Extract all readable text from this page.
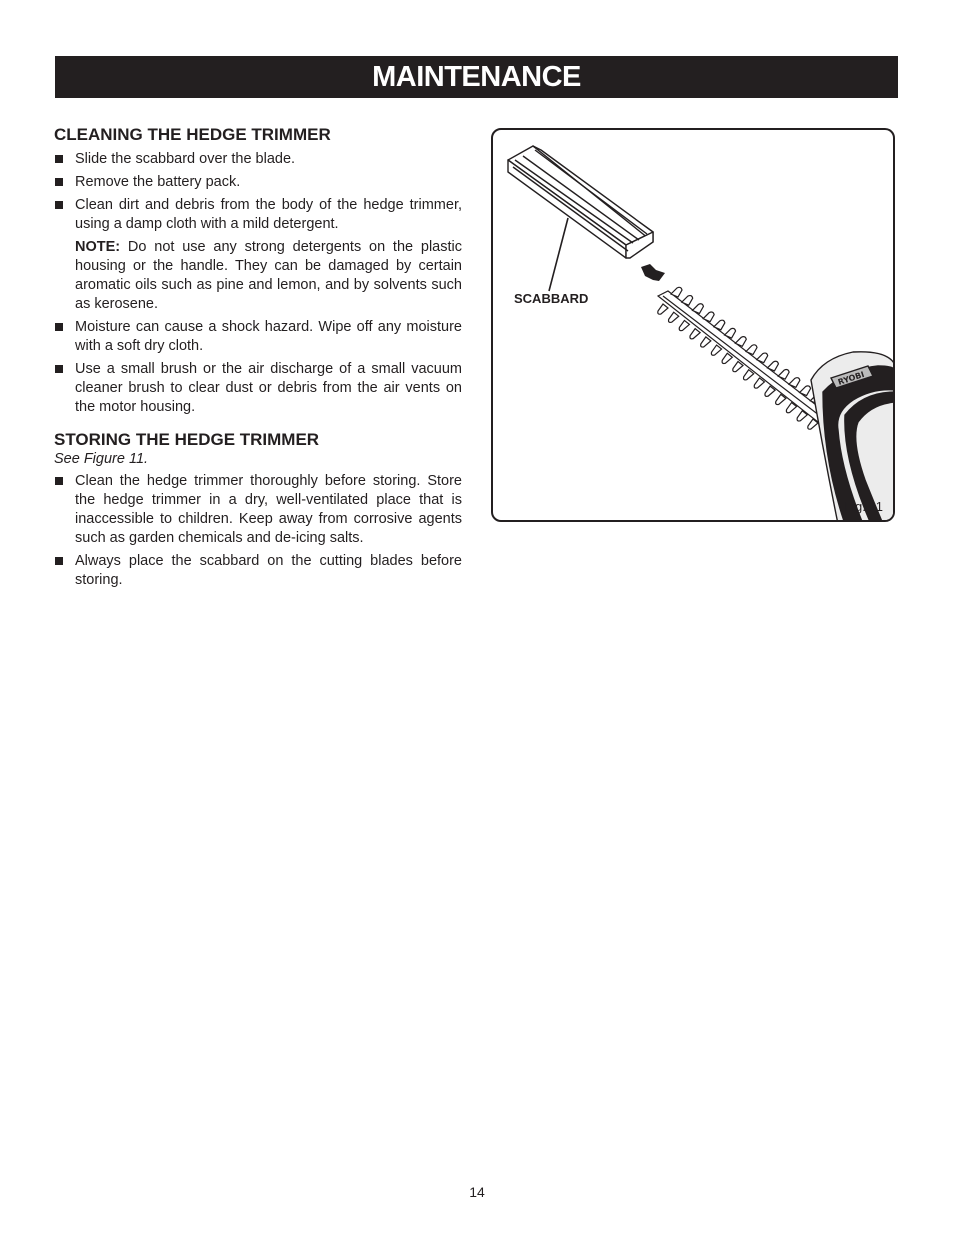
MAINTENANCE
CLEANING THE HEDGE TRIMMER
Slide the scabbard over the blade.
Remove the battery pack.
Clean dirt and debris from the body of the hedge trimmer, using a damp cloth with a mild detergent.

NOTE: Do not use any strong detergents on the plastic housing or the handle. They can be damaged by certain aromatic oils such as pine and lemon, and by solvents such as kerosene.

Moisture can cause a shock hazard. Wipe off any moisture with a soft dry cloth.
Use a small brush or the air discharge of a small vacuum cleaner brush to clear dust or debris from the air vents on the motor housing.
STORING THE HEDGE TRIMMER
See Figure 11.
Clean the hedge trimmer thoroughly before storing. Store the hedge trimmer in a dry, well-ventilated place that is inaccessible to children. Keep away from corrosive agents such as garden chemicals and de-icing salts.
Always place the scabbard on the cutting blades before storing.
RYOBI
SCABBARD
Fig. 11
14
